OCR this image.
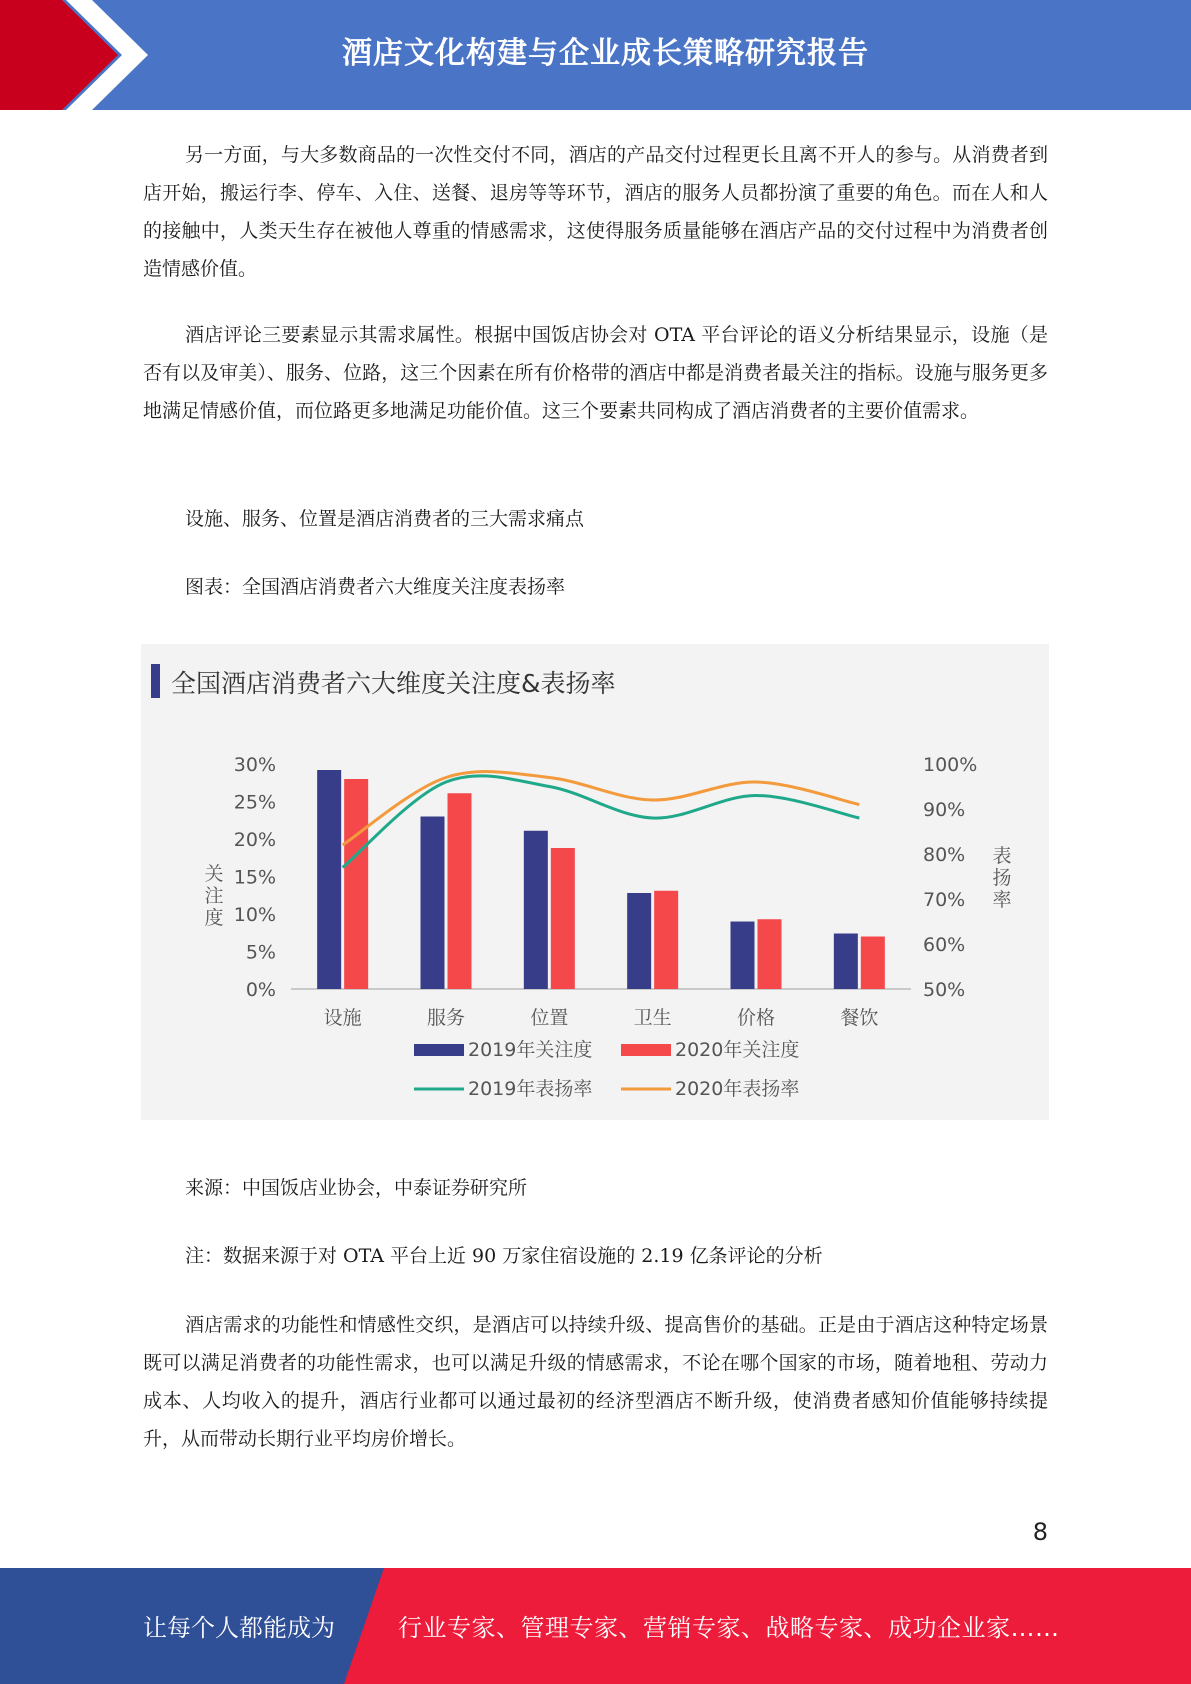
酒店文化构建与企业成长策略研究报告

另一方面，与大多数商品的一次性交付不同，酒店的产品交付过程更长且离不开人的参与。从消费者到店开始，搬运行李、停车、入住、送餐、退房等等环节，酒店的服务人员都扮演了重要的角色。而在人和人的接触中，人类天生存在被他人尊重的情感需求，这使得服务质量能够在酒店产品的交付过程中为消费者创造情感价值。

酒店评论三要素显示其需求属性。根据中国饭店协会对 OTA 平台评论的语义分析结果显示，设施（是否有以及审美）、服务、位路，这三个因素在所有价格带的酒店中都是消费者最关注的指标。设施与服务更多地满足情感价值，而位路更多地满足功能价值。这三个要素共同构成了酒店消费者的主要价值需求。

设施、服务、位置是酒店消费者的三大需求痛点

图表：全国酒店消费者六大维度关注度表扬率

全国酒店消费者六大维度关注度&表扬率
0%
5%
10%
15%
20%
25%
30%
50%
60%
70%
80%
90%
100%
关
注
度
表
扬
率
设施	服务	位置	卫生	价格	餐饮
2019年关注度	2020年关注度
2019年表扬率	2020年表扬率

来源：中国饭店业协会，中泰证券研究所

注：数据来源于对 OTA 平台上近 90 万家住宿设施的 2.19 亿条评论的分析

酒店需求的功能性和情感性交织，是酒店可以持续升级、提高售价的基础。正是由于酒店这种特定场景既可以满足消费者的功能性需求，也可以满足升级的情感需求，不论在哪个国家的市场，随着地租、劳动力成本、人均收入的提升，酒店行业都可以通过最初的经济型酒店不断升级，使消费者感知价值能够持续提升，从而带动长期行业平均房价增长。

8
让每个人都能成为	行业专家、管理专家、营销专家、战略专家、成功企业家……
